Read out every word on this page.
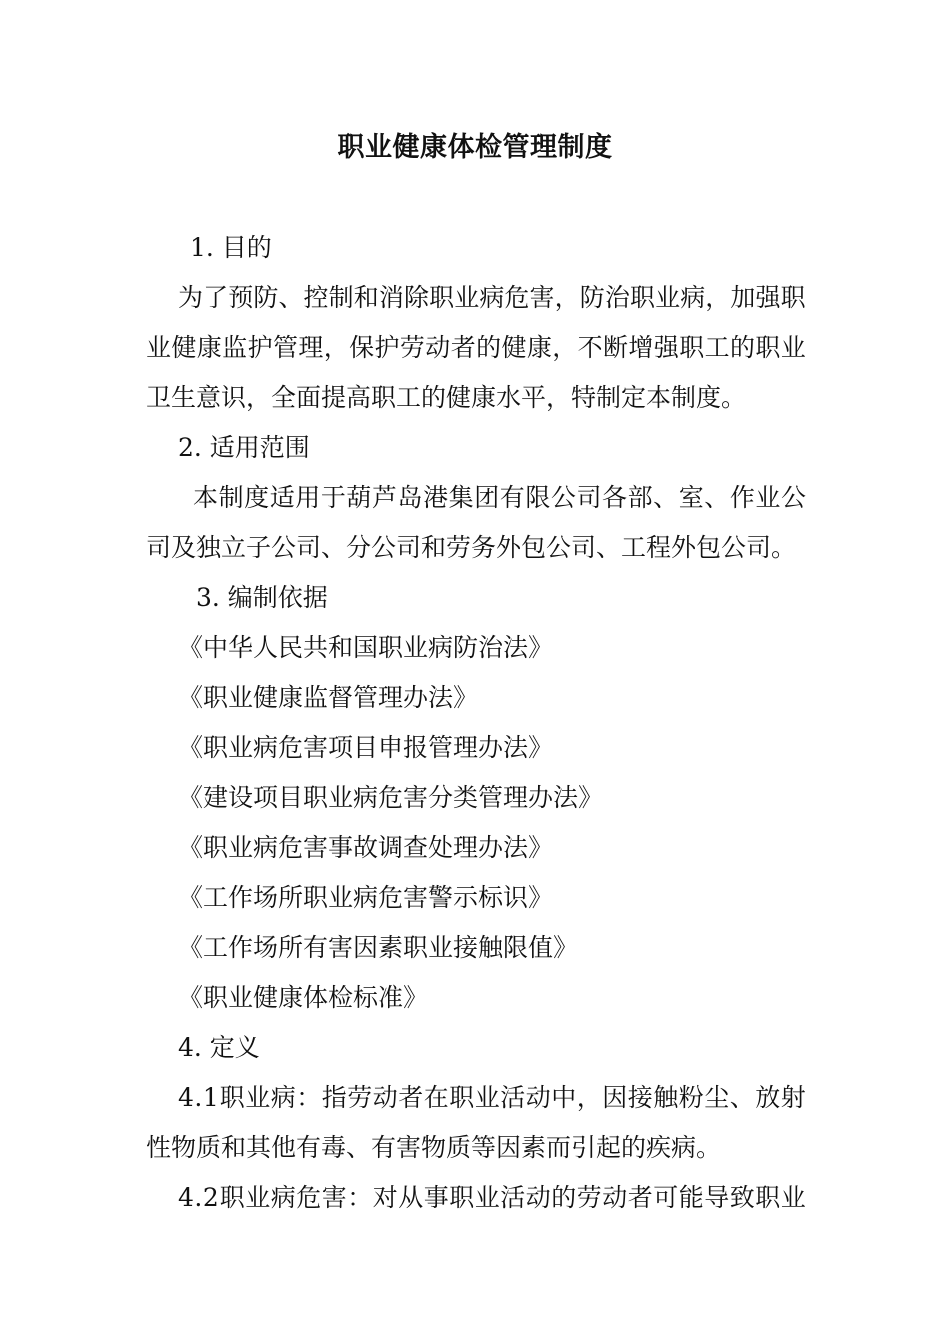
职业健康体检管理制度
1. 目的
为 了 预 防 、 控 制 和 消 除 职 业 病 危 害 ， 防 治 职 业 病 ， 加 强 职
业 健 康 监 护 管 理 ， 保 护 劳 动 者 的 健 康 ， 不 断 增 强 职 工 的 职 业
卫生意识，全面提高职工的健康水平，特制定本制度。
2. 适用范围
本 制 度 适 用 于 葫 芦 岛 港 集 团 有 限 公 司 各 部 、 室 、 作 业 公
司及独立子公司、分公司和劳务外包公司、工程外包公司。
3. 编制依据
《中华人民共和国职业病防治法》
《职业健康监督管理办法》
《职业病危害项目申报管理办法》
《建设项目职业病危害分类管理办法》
《职业病危害事故调查处理办法》
《工作场所职业病危害警示标识》
《工作场所有害因素职业接触限值》
《职业健康体检标准》
4. 定义
4 . 1 职 业 病 ： 指 劳 动 者 在 职 业 活 动 中 ， 因 接 触 粉 尘 、 放 射
性物质和其他有毒、有害物质等因素而引起的疾病。
4 . 2 职 业 病 危 害 ： 对 从 事 职 业 活 动 的 劳 动 者 可 能 导 致 职 业
